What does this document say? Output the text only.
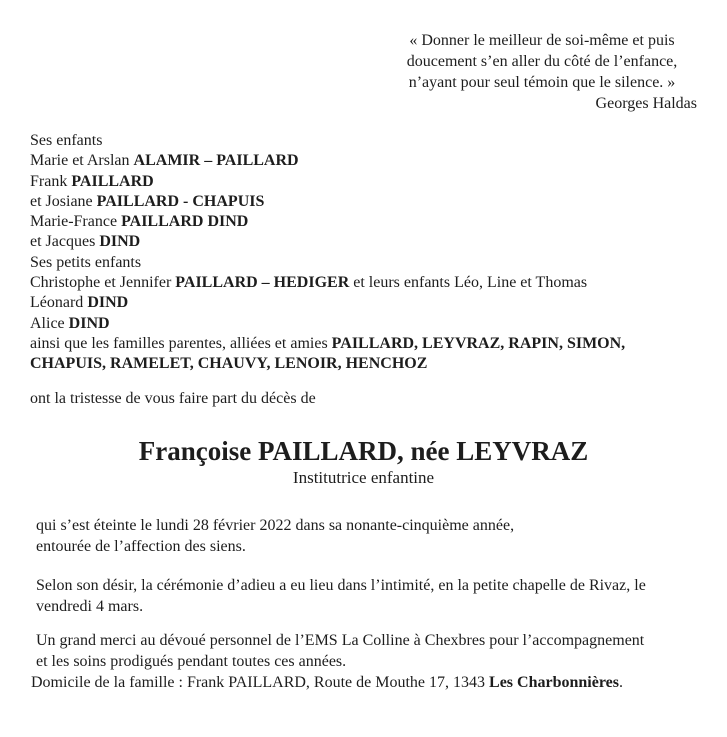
« Donner le meilleur de soi-même et puis
doucement s’en aller du côté de l’enfance,
n’ayant pour seul témoin que le silence. »
Georges Haldas
Ses enfants
Marie et Arslan ALAMIR – PAILLARD
Frank PAILLARD
et Josiane PAILLARD - CHAPUIS
Marie-France PAILLARD DIND
et Jacques DIND
Ses petits enfants
Christophe et Jennifer PAILLARD – HEDIGER et leurs enfants Léo, Line et Thomas
Léonard DIND
Alice DIND
ainsi que les familles parentes, alliées et amies PAILLARD, LEYVRAZ, RAPIN, SIMON,
CHAPUIS, RAMELET, CHAUVY, LENOIR, HENCHOZ
ont la tristesse de vous faire part du décès de
Françoise PAILLARD, née LEYVRAZ
Institutrice enfantine
qui s’est éteinte le lundi 28 février 2022 dans sa nonante-cinquième année,
entourée de l’affection des siens.
Selon son désir, la cérémonie d’adieu a eu lieu dans l’intimité, en la petite chapelle de Rivaz, le
vendredi 4 mars.
Un grand merci au dévoué personnel de l’EMS La Colline à Chexbres pour l’accompagnement
et les soins prodigués pendant toutes ces années.
Domicile de la famille : Frank PAILLARD, Route de Mouthe 17, 1343 Les Charbonnières.
